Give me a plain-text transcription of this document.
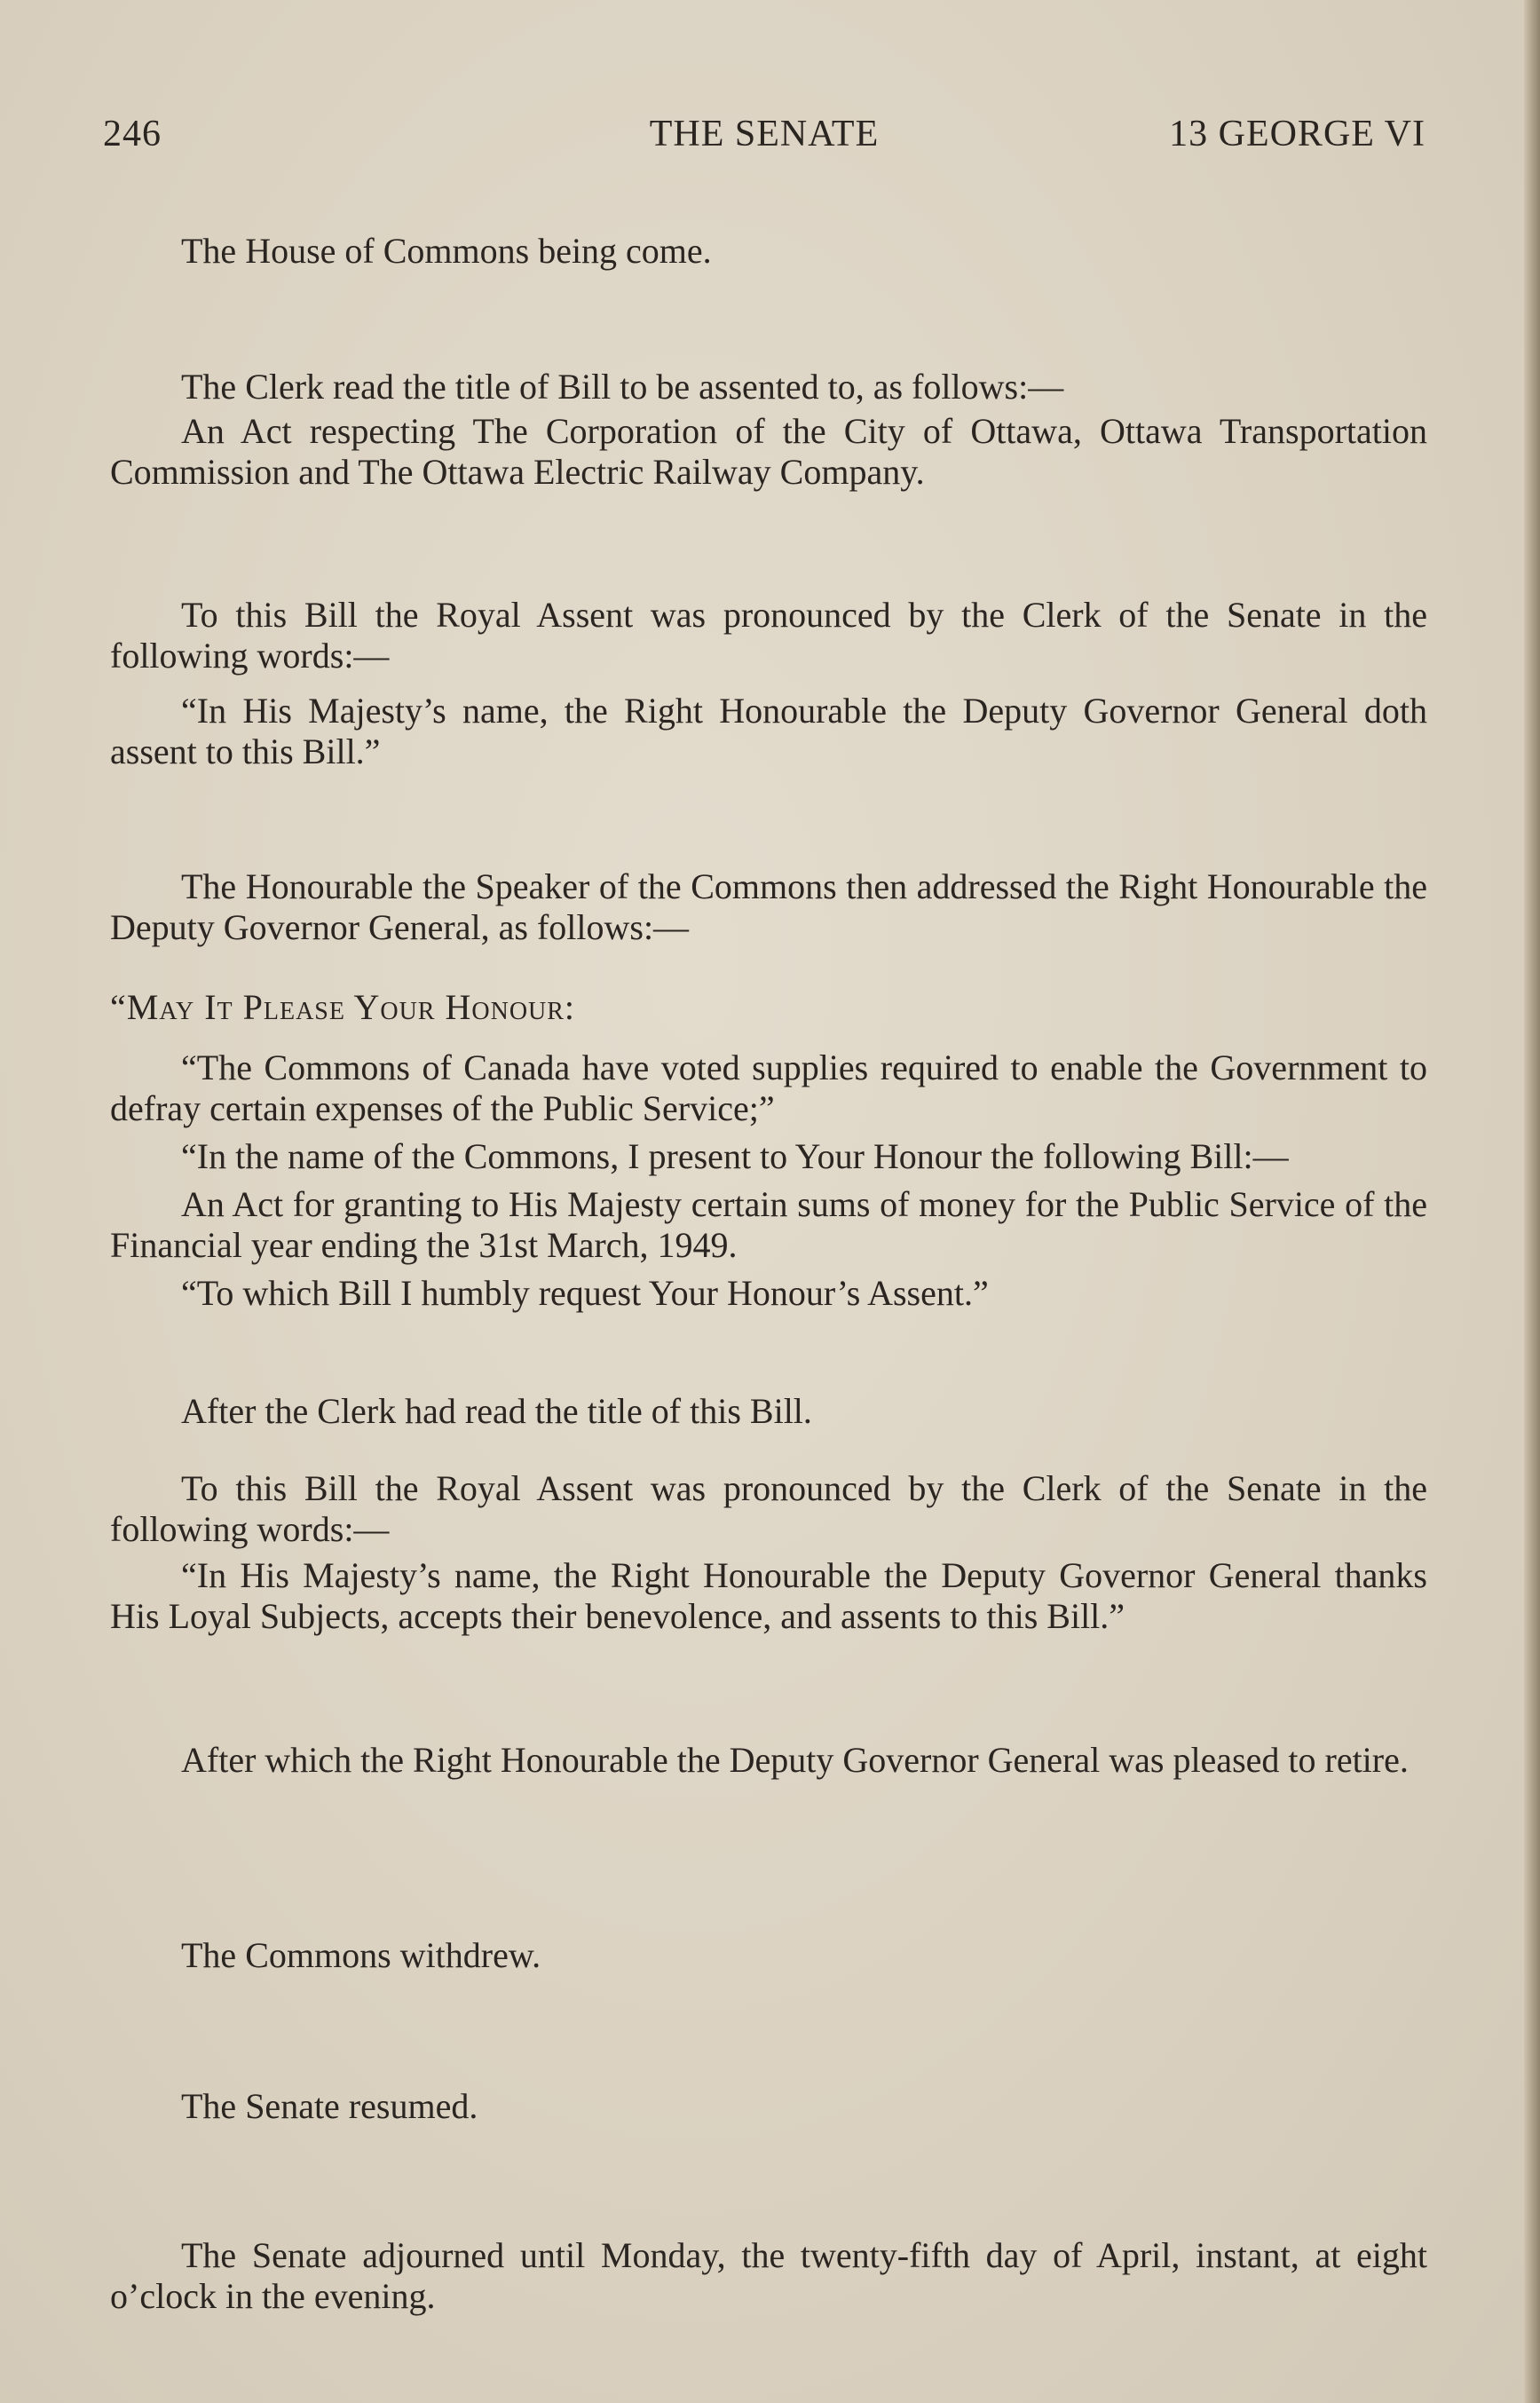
246	THE SENATE	13 GEORGE VI

The House of Commons being come.

The Clerk read the title of Bill to be assented to, as follows:—

An Act respecting The Corporation of the City of Ottawa, Ottawa Transportation Commission and The Ottawa Electric Railway Company.

To this Bill the Royal Assent was pronounced by the Clerk of the Senate in the following words:—

“In His Majesty’s name, the Right Honourable the Deputy Governor General doth assent to this Bill.”

The Honourable the Speaker of the Commons then addressed the Right Honourable the Deputy Governor General, as follows:—

“May It Please Your Honour:

“The Commons of Canada have voted supplies required to enable the Government to defray certain expenses of the Public Service;”

“In the name of the Commons, I present to Your Honour the following Bill:—

An Act for granting to His Majesty certain sums of money for the Public Service of the Financial year ending the 31st March, 1949.

“To which Bill I humbly request Your Honour’s Assent.”

After the Clerk had read the title of this Bill.

To this Bill the Royal Assent was pronounced by the Clerk of the Senate in the following words:—

“In His Majesty’s name, the Right Honourable the Deputy Governor General thanks His Loyal Subjects, accepts their benevolence, and assents to this Bill.”

After which the Right Honourable the Deputy Governor General was pleased to retire.

The Commons withdrew.

The Senate resumed.

The Senate adjourned until Monday, the twenty-fifth day of April, instant, at eight o’clock in the evening.
